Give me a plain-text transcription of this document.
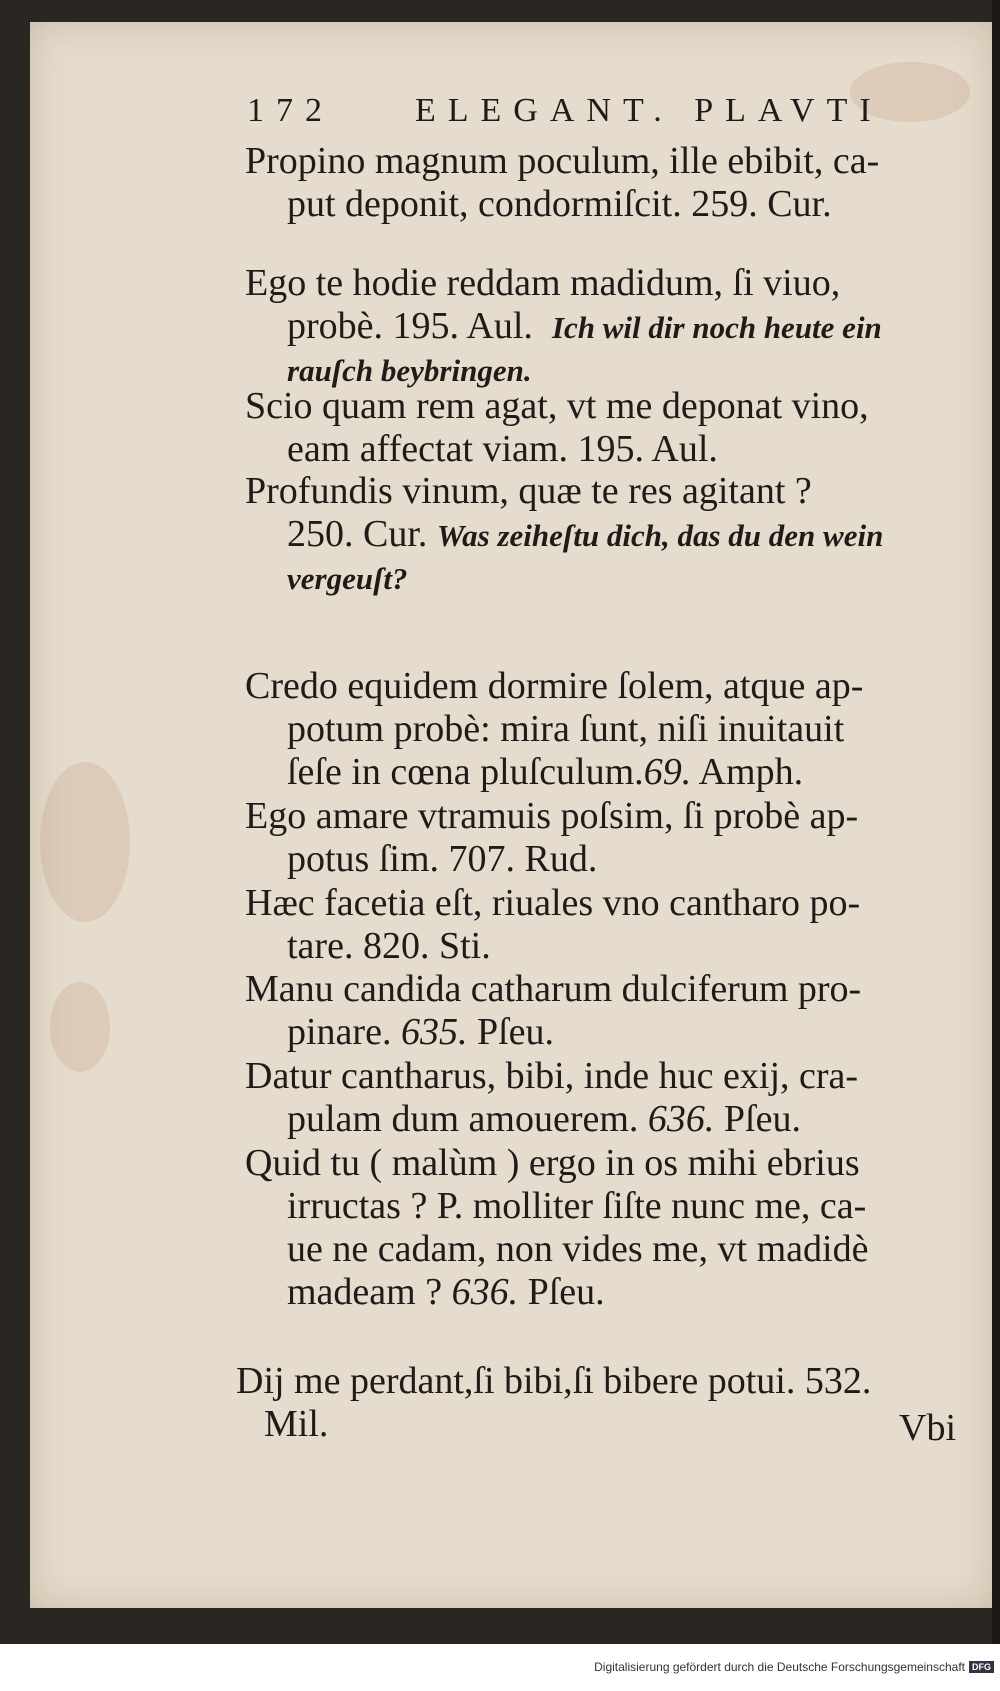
172 ELEGANT. PLAVTI
Propino magnum poculum, ille ebibit, ca-
put deponit, condormiſcit. 259. Cur.
Ego te hodie reddam madidum, ſi viuo,
probè. 195. Aul. Ich wil dir noch heute ein
rauſch beybringen.
Scio quam rem agat, vt me deponat vino,
eam affectat viam. 195. Aul.
Profundis vinum, quæ te res agitant ?
250. Cur. Was zeiheſtu dich, das du den wein
vergeuſt?
Credo equidem dormire ſolem, atque ap-
potum probè: mira ſunt, niſi inuitauit
ſeſe in cœna pluſculum.69. Amph.
Ego amare vtramuis poſsim, ſi probè ap-
potus ſim. 707. Rud.
Hæc facetia eſt, riuales vno cantharo po-
tare. 820. Sti.
Manu candida catharum dulciferum pro-
pinare. 635. Pſeu.
Datur cantharus, bibi, inde huc exij, cra-
pulam dum amouerem. 636. Pſeu.
Quid tu ( malùm ) ergo in os mihi ebrius
irructas ? P. molliter ſiſte nunc me, ca-
ue ne cadam, non vides me, vt madidè
madeam ? 636. Pſeu.
Dij me perdant,ſi bibi,ſi bibere potui. 532.
Mil.	Vbi
Digitalisierung gefördert durch die Deutsche Forschungsgemeinschaft DFG
